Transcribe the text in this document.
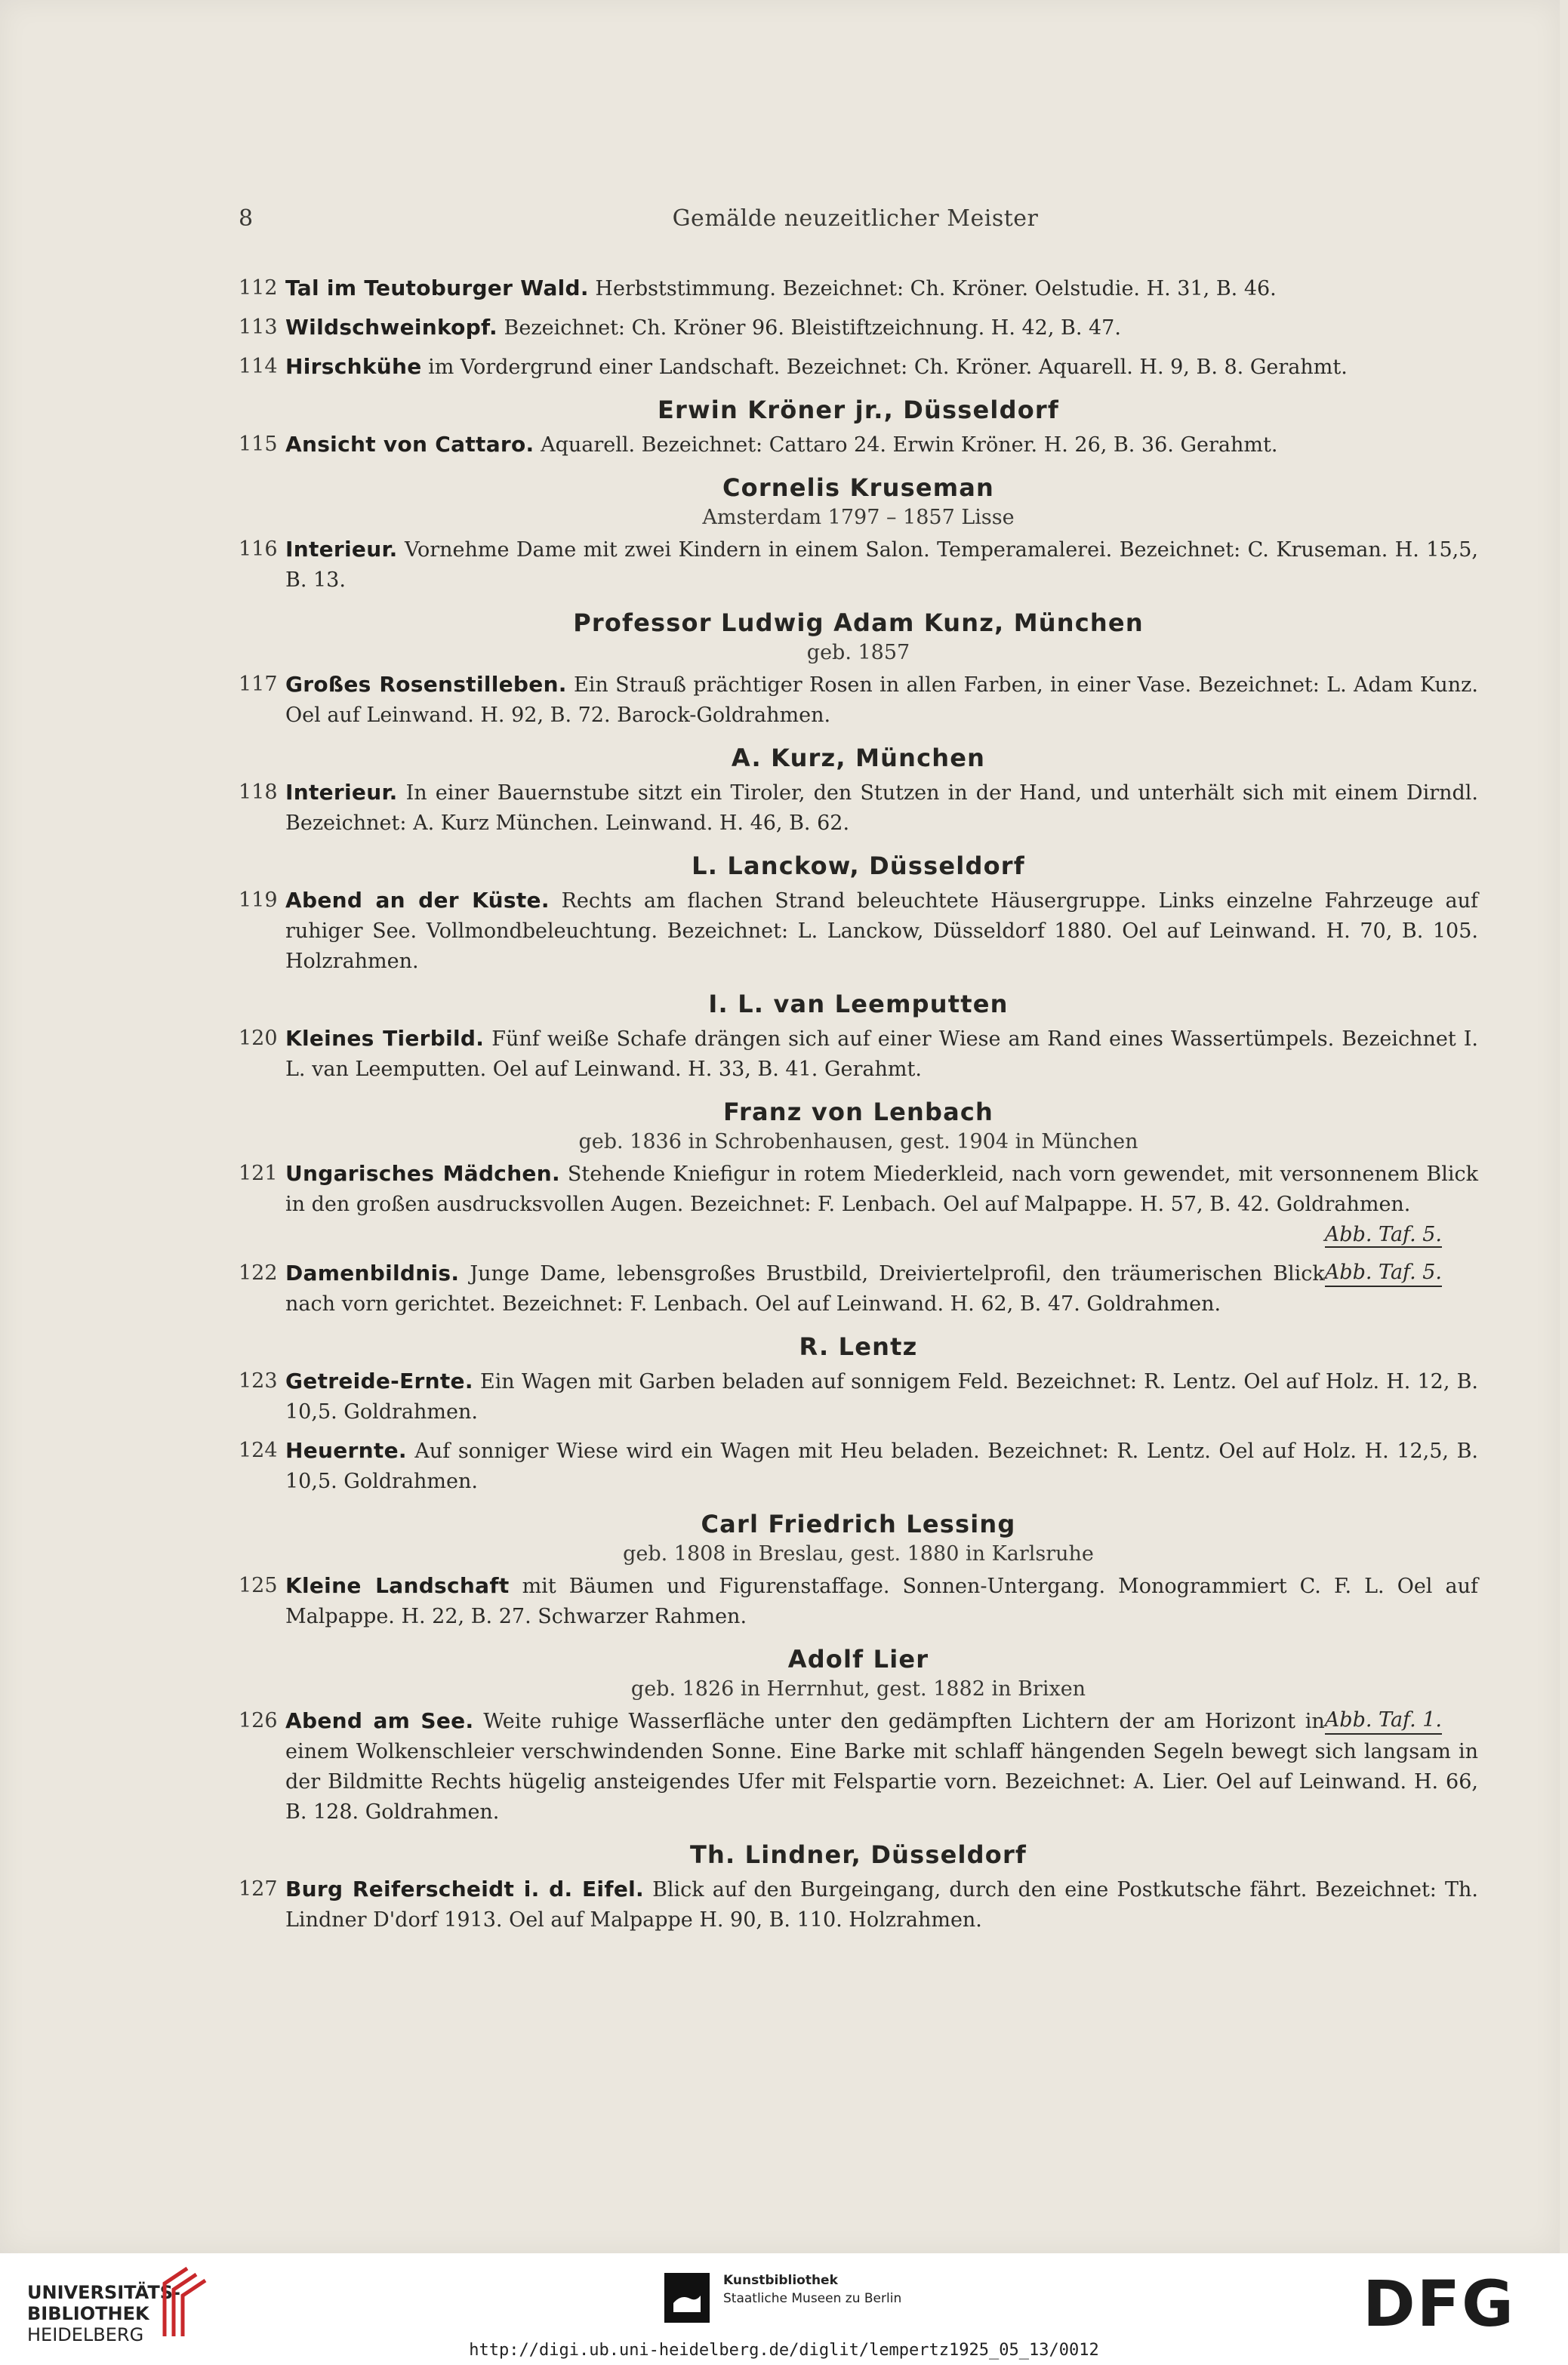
8	Gemälde neuzeitlicher Meister
112 Tal im Teutoburger Wald. Herbststimmung. Bezeichnet: Ch. Kröner. Oelstudie. H. 31, B. 46.
113 Wildschweinkopf. Bezeichnet: Ch. Kröner 96. Bleistiftzeichnung. H. 42, B. 47.
114 Hirschkühe im Vordergrund einer Landschaft. Bezeichnet: Ch. Kröner. Aquarell. H. 9, B. 8. Gerahmt.
Erwin Kröner jr., Düsseldorf
115 Ansicht von Cattaro. Aquarell. Bezeichnet: Cattaro 24. Erwin Kröner. H. 26, B. 36. Gerahmt.
Cornelis Kruseman
Amsterdam 1797 – 1857 Lisse
116 Interieur. Vornehme Dame mit zwei Kindern in einem Salon. Temperamalerei. Bezeichnet: C. Kruseman. H. 15,5, B. 13.
Professor Ludwig Adam Kunz, München
geb. 1857
117 Großes Rosenstilleben. Ein Strauß prächtiger Rosen in allen Farben, in einer Vase. Bezeichnet: L. Adam Kunz. Oel auf Leinwand. H. 92, B. 72. Barock-Goldrahmen.
A. Kurz, München
118 Interieur. In einer Bauernstube sitzt ein Tiroler, den Stutzen in der Hand, und unterhält sich mit einem Dirndl. Bezeichnet: A. Kurz München. Leinwand. H. 46, B. 62.
L. Lanckow, Düsseldorf
119 Abend an der Küste. Rechts am flachen Strand beleuchtete Häusergruppe. Links einzelne Fahrzeuge auf ruhiger See. Vollmondbeleuchtung. Bezeichnet: L. Lanckow, Düsseldorf 1880. Oel auf Leinwand. H. 70, B. 105. Holzrahmen.
I. L. van Leemputten
120 Kleines Tierbild. Fünf weiße Schafe drängen sich auf einer Wiese am Rand eines Wassertümpels. Bezeichnet I. L. van Leemputten. Oel auf Leinwand. H. 33, B. 41. Gerahmt.
Franz von Lenbach
geb. 1836 in Schrobenhausen, gest. 1904 in München
121 Ungarisches Mädchen. Stehende Kniefigur in rotem Miederkleid, nach vorn gewendet, mit versonnenem Blick in den großen ausdrucksvollen Augen. Bezeichnet: F. Lenbach. Oel auf Malpappe. H. 57, B. 42. Goldrahmen.
Abb. Taf. 5.
122	Abb. Taf. 5.
Damenbildnis. Junge Dame, lebensgroßes Brustbild, Dreiviertelprofil, den träumerischen Blick nach vorn gerichtet. Bezeichnet: F. Lenbach. Oel auf Leinwand. H. 62, B. 47. Goldrahmen.
R. Lentz
123 Getreide-Ernte. Ein Wagen mit Garben beladen auf sonnigem Feld. Bezeichnet: R. Lentz. Oel auf Holz. H. 12, B. 10,5. Goldrahmen.
124 Heuernte. Auf sonniger Wiese wird ein Wagen mit Heu beladen. Bezeichnet: R. Lentz. Oel auf Holz. H. 12,5, B. 10,5. Goldrahmen.
Carl Friedrich Lessing
geb. 1808 in Breslau, gest. 1880 in Karlsruhe
125 Kleine Landschaft mit Bäumen und Figurenstaffage. Sonnen-Untergang. Monogrammiert C. F. L. Oel auf Malpappe. H. 22, B. 27. Schwarzer Rahmen.
Adolf Lier
geb. 1826 in Herrnhut, gest. 1882 in Brixen
126	Abb. Taf. 1.
Abend am See. Weite ruhige Wasserfläche unter den gedämpften Lichtern der am Horizont in einem Wolkenschleier verschwindenden Sonne. Eine Barke mit schlaff hängenden Segeln bewegt sich langsam in der Bildmitte Rechts hügelig ansteigendes Ufer mit Felspartie vorn. Bezeichnet: A. Lier. Oel auf Leinwand. H. 66, B. 128. Goldrahmen.
Th. Lindner, Düsseldorf
127 Burg Reiferscheidt i. d. Eifel. Blick auf den Burgeingang, durch den eine Postkutsche fährt. Bezeichnet: Th. Lindner D'dorf 1913. Oel auf Malpappe H. 90, B. 110. Holzrahmen.
UNIVERSITÄTS-
BIBLIOTHEK
HEIDELBERG
Kunstbibliothek
Staatliche Museen zu Berlin	DFG
http://digi.ub.uni-heidelberg.de/diglit/lempertz1925_05_13/0012
